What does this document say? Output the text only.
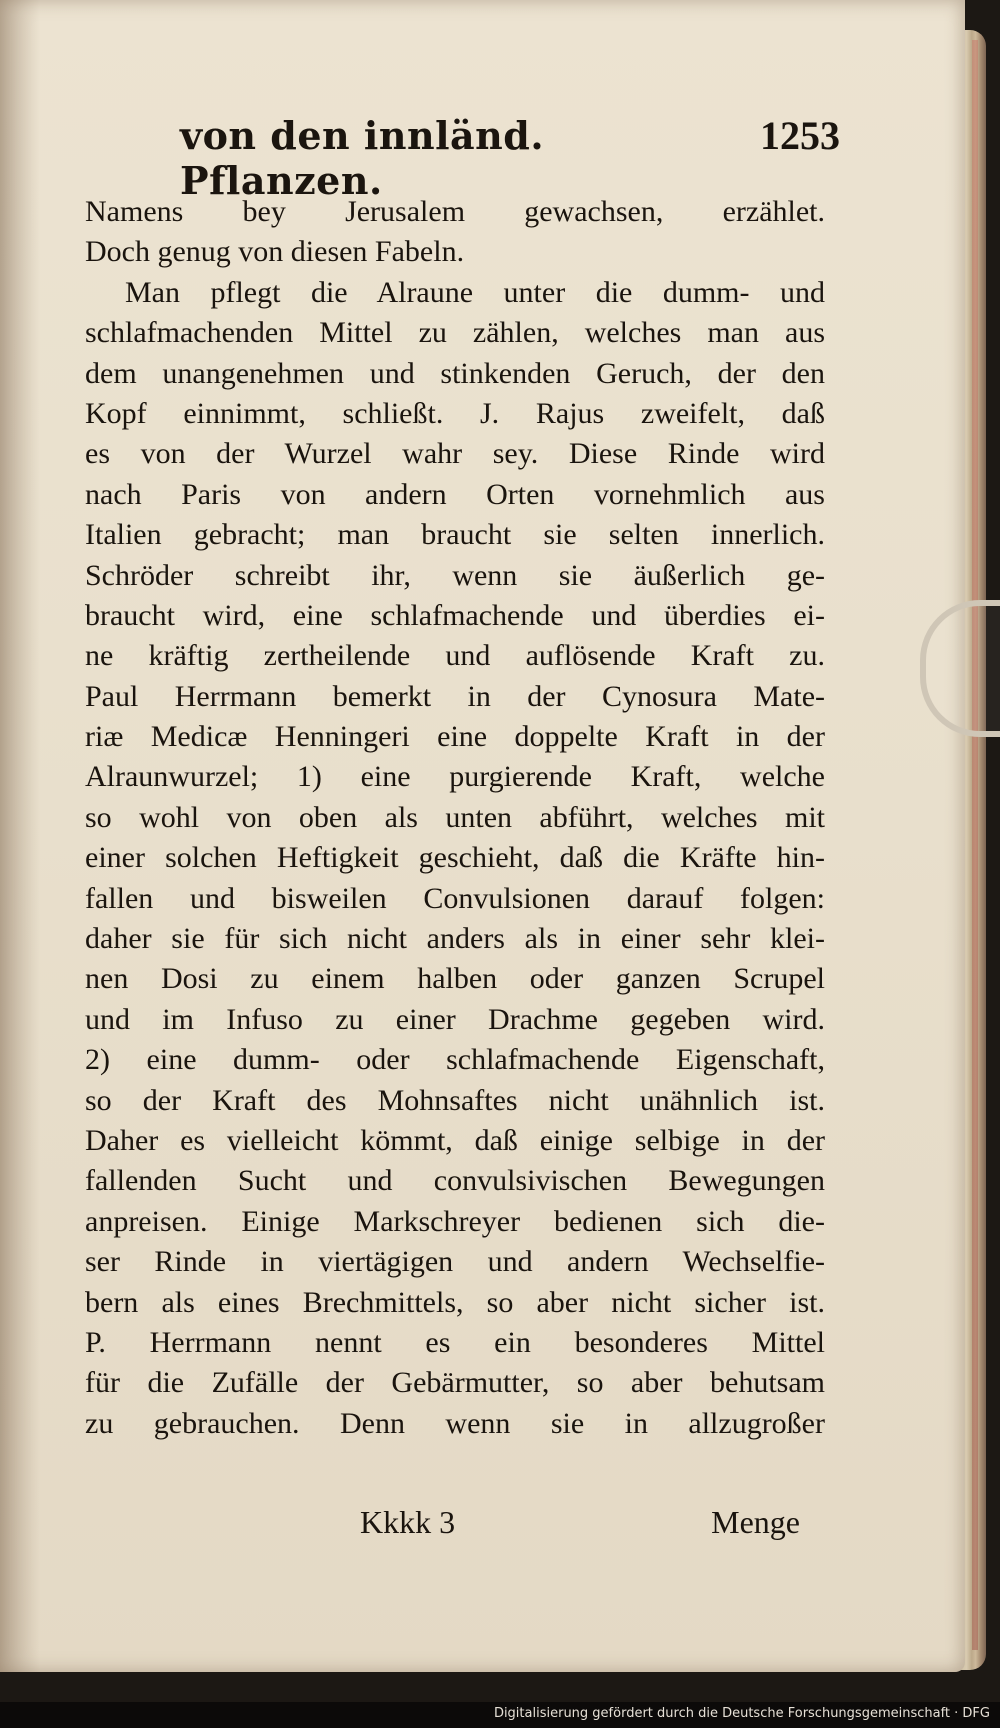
von den innländ. Pflanzen.
1253
Namens bey Jerusalem gewachsen, erzählet.
Doch genug von diesen Fabeln.
Man pflegt die Alraune unter die dumm- und
schlafmachenden Mittel zu zählen, welches man aus
dem unangenehmen und stinkenden Geruch, der den
Kopf einnimmt, schließt. J. Rajus zweifelt, daß
es von der Wurzel wahr sey. Diese Rinde wird
nach Paris von andern Orten vornehmlich aus
Italien gebracht; man braucht sie selten innerlich.
Schröder schreibt ihr, wenn sie äußerlich ge-
braucht wird, eine schlafmachende und überdies ei-
ne kräftig zertheilende und auflösende Kraft zu.
Paul Herrmann bemerkt in der Cynosura Mate-
riæ Medicæ Henningeri eine doppelte Kraft in der
Alraunwurzel; 1) eine purgierende Kraft, welche
so wohl von oben als unten abführt, welches mit
einer solchen Heftigkeit geschieht, daß die Kräfte hin-
fallen und bisweilen Convulsionen darauf folgen:
daher sie für sich nicht anders als in einer sehr klei-
nen Dosi zu einem halben oder ganzen Scrupel
und im Infuso zu einer Drachme gegeben wird.
2) eine dumm- oder schlafmachende Eigenschaft,
so der Kraft des Mohnsaftes nicht unähnlich ist.
Daher es vielleicht kömmt, daß einige selbige in der
fallenden Sucht und convulsivischen Bewegungen
anpreisen. Einige Markschreyer bedienen sich die-
ser Rinde in viertägigen und andern Wechselfie-
bern als eines Brechmittels, so aber nicht sicher ist.
P. Herrmann nennt es ein besonderes Mittel
für die Zufälle der Gebärmutter, so aber behutsam
zu gebrauchen. Denn wenn sie in allzugroßer
Kkkk 3	Menge
Digitalisierung gefördert durch die Deutsche Forschungsgemeinschaft · DFG
